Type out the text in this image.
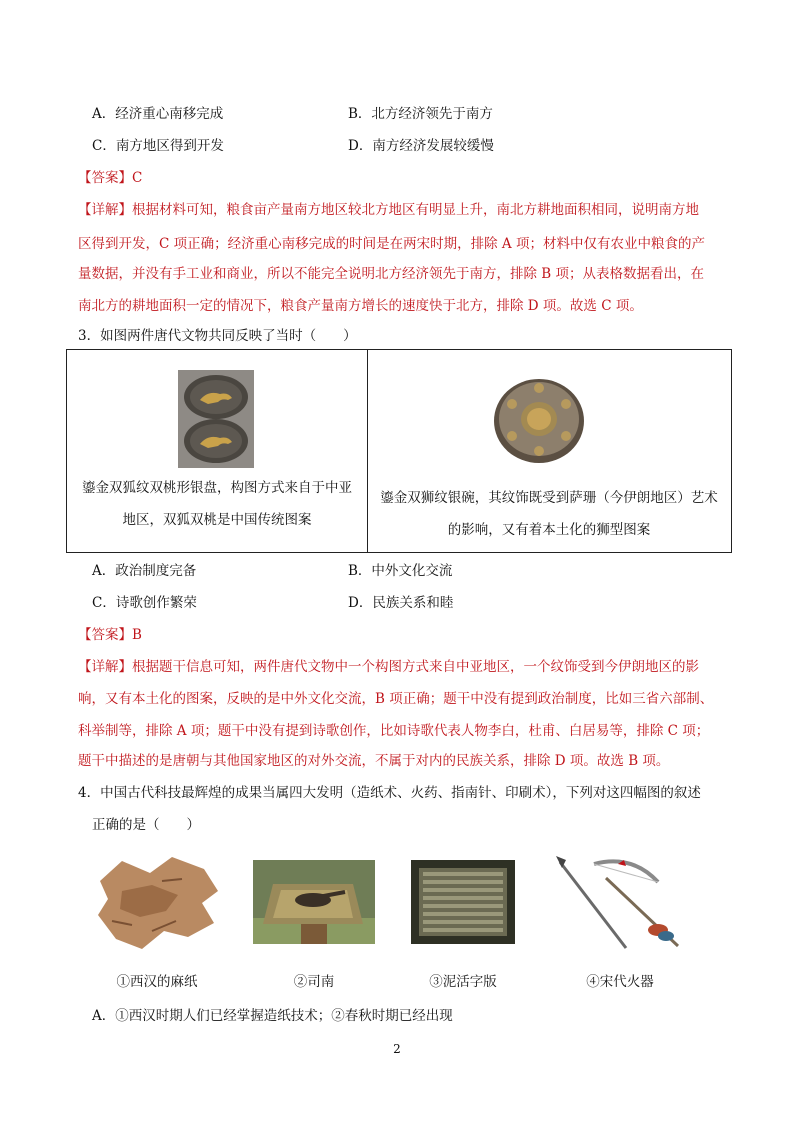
A．经济重心南移完成	B．北方经济领先于南方
C．南方地区得到开发	D．南方经济发展较缓慢
【答案】C
【详解】根据材料可知，粮食亩产量南方地区较北方地区有明显上升，南北方耕地面积相同，说明南方地
区得到开发，C 项正确；经济重心南移完成的时间是在两宋时期，排除 A 项；材料中仅有农业中粮食的产
量数据，并没有手工业和商业，所以不能完全说明北方经济领先于南方，排除 B 项；从表格数据看出，在
南北方的耕地面积一定的情况下，粮食产量南方增长的速度快于北方，排除 D 项。故选 C 项。
3．如图两件唐代文物共同反映了当时（　　）
鎏金双狐纹双桃形银盘，构图方式来自于中亚
地区，双狐双桃是中国传统图案
鎏金双狮纹银碗，其纹饰既受到萨珊（今伊朗地区）艺术
的影响，又有着本土化的狮型图案
A．政治制度完备	B．中外文化交流
C．诗歌创作繁荣	D．民族关系和睦
【答案】B
【详解】根据题干信息可知，两件唐代文物中一个构图方式来自中亚地区，一个纹饰受到今伊朗地区的影
响，又有本土化的图案，反映的是中外文化交流，B 项正确；题干中没有提到政治制度，比如三省六部制、
科举制等，排除 A 项；题干中没有提到诗歌创作，比如诗歌代表人物李白，杜甫、白居易等，排除 C 项；
题干中描述的是唐朝与其他国家地区的对外交流，不属于对内的民族关系，排除 D 项。故选 B 项。
4．中国古代科技最辉煌的成果当属四大发明（造纸术、火药、指南针、印刷术），下列对这四幅图的叙述
正确的是（　　）
①西汉的麻纸	②司南	③泥活字版	④宋代火器
A．①西汉时期人们已经掌握造纸技术；②春秋时期已经出现
2
